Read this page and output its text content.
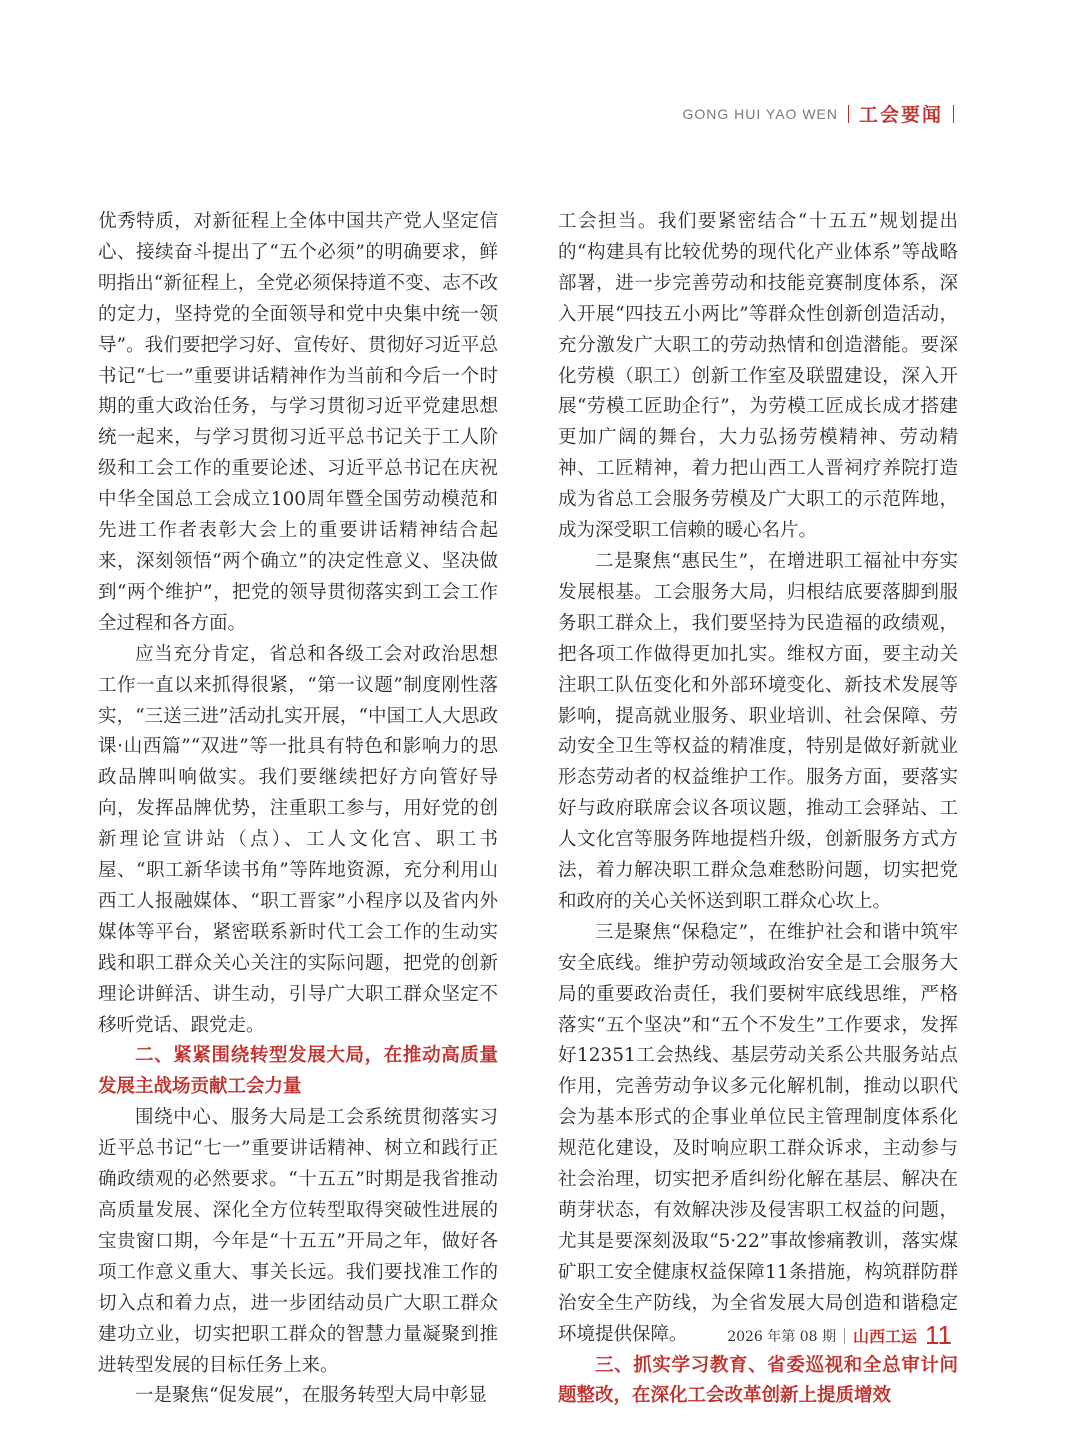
GONG HUI YAO WEN 工会要闻

优秀特质，对新征程上全体中国共产党人坚定信心、接续奋斗提出了“五个必须”的明确要求，鲜明指出“新征程上，全党必须保持道不变、志不改的定力，坚持党的全面领导和党中央集中统一领导”。我们要把学习好、宣传好、贯彻好习近平总书记“七一”重要讲话精神作为当前和今后一个时期的重大政治任务，与学习贯彻习近平党建思想统一起来，与学习贯彻习近平总书记关于工人阶级和工会工作的重要论述、习近平总书记在庆祝中华全国总工会成立100周年暨全国劳动模范和先进工作者表彰大会上的重要讲话精神结合起来，深刻领悟“两个确立”的决定性意义、坚决做到“两个维护”，把党的领导贯彻落实到工会工作全过程和各方面。

应当充分肯定，省总和各级工会对政治思想工作一直以来抓得很紧，“第一议题”制度刚性落实，“三送三进”活动扎实开展，“中国工人大思政课·山西篇”“双进”等一批具有特色和影响力的思政品牌叫响做实。我们要继续把好方向管好导向，发挥品牌优势，注重职工参与，用好党的创新理论宣讲站（点）、工人文化宫、职工书屋、“职工新华读书角”等阵地资源，充分利用山西工人报融媒体、“职工晋家”小程序以及省内外媒体等平台，紧密联系新时代工会工作的生动实践和职工群众关心关注的实际问题，把党的创新理论讲鲜活、讲生动，引导广大职工群众坚定不移听党话、跟党走。

二、紧紧围绕转型发展大局，在推动高质量发展主战场贡献工会力量

围绕中心、服务大局是工会系统贯彻落实习近平总书记“七一”重要讲话精神、树立和践行正确政绩观的必然要求。“十五五”时期是我省推动高质量发展、深化全方位转型取得突破性进展的宝贵窗口期，今年是“十五五”开局之年，做好各项工作意义重大、事关长远。我们要找准工作的切入点和着力点，进一步团结动员广大职工群众建功立业，切实把职工群众的智慧力量凝聚到推进转型发展的目标任务上来。

一是聚焦“促发展”，在服务转型大局中彰显

工会担当。我们要紧密结合“十五五”规划提出的“构建具有比较优势的现代化产业体系”等战略部署，进一步完善劳动和技能竞赛制度体系，深入开展“四技五小两比”等群众性创新创造活动，充分激发广大职工的劳动热情和创造潜能。要深化劳模（职工）创新工作室及联盟建设，深入开展“劳模工匠助企行”，为劳模工匠成长成才搭建更加广阔的舞台，大力弘扬劳模精神、劳动精神、工匠精神，着力把山西工人晋祠疗养院打造成为省总工会服务劳模及广大职工的示范阵地，成为深受职工信赖的暖心名片。

二是聚焦“惠民生”，在增进职工福祉中夯实发展根基。工会服务大局，归根结底要落脚到服务职工群众上，我们要坚持为民造福的政绩观，把各项工作做得更加扎实。维权方面，要主动关注职工队伍变化和外部环境变化、新技术发展等影响，提高就业服务、职业培训、社会保障、劳动安全卫生等权益的精准度，特别是做好新就业形态劳动者的权益维护工作。服务方面，要落实好与政府联席会议各项议题，推动工会驿站、工人文化宫等服务阵地提档升级，创新服务方式方法，着力解决职工群众急难愁盼问题，切实把党和政府的关心关怀送到职工群众心坎上。

三是聚焦“保稳定”，在维护社会和谐中筑牢安全底线。维护劳动领域政治安全是工会服务大局的重要政治责任，我们要树牢底线思维，严格落实“五个坚决”和“五个不发生”工作要求，发挥好12351工会热线、基层劳动关系公共服务站点作用，完善劳动争议多元化解机制，推动以职代会为基本形式的企事业单位民主管理制度体系化规范化建设，及时响应职工群众诉求，主动参与社会治理，切实把矛盾纠纷化解在基层、解决在萌芽状态，有效解决涉及侵害职工权益的问题，尤其是要深刻汲取“5·22”事故惨痛教训，落实煤矿职工安全健康权益保障11条措施，构筑群防群治安全生产防线，为全省发展大局创造和谐稳定环境提供保障。

三、抓实学习教育、省委巡视和全总审计问题整改，在深化工会改革创新上提质增效
2026 年第 08 期 山西工运 11
